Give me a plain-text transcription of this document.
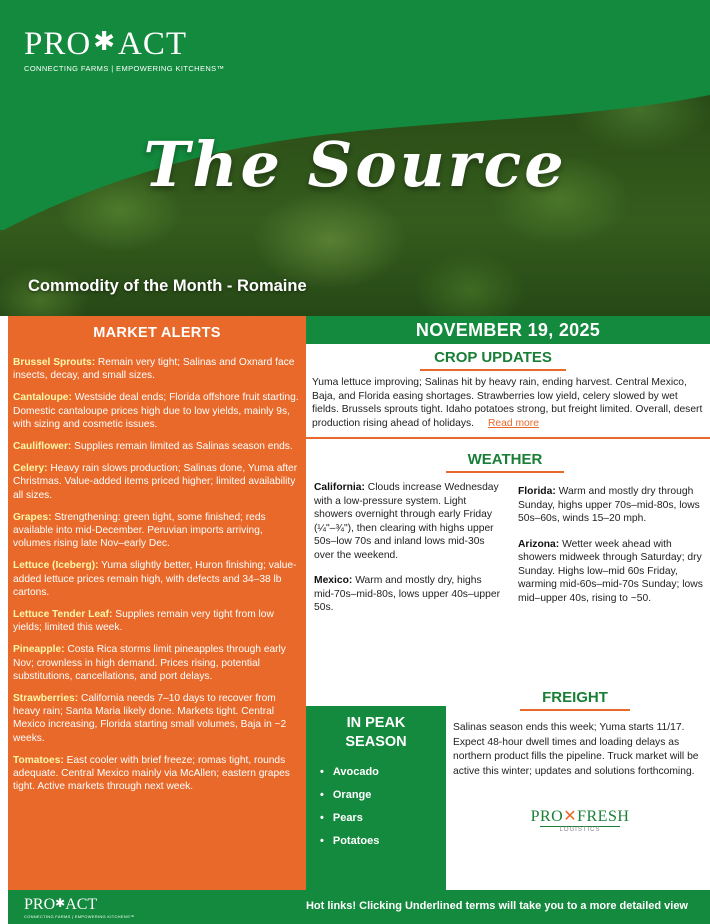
PRO✱ACT
CONNECTING FARMS | EMPOWERING KITCHENS™
The Source
Commodity of the Month - Romaine
MARKET ALERTS
Brussel Sprouts: Remain very tight; Salinas and Oxnard face insects, decay, and small sizes.
Cantaloupe: Westside deal ends; Florida offshore fruit starting. Domestic cantaloupe prices high due to low yields, mainly 9s, with sizing and cosmetic issues.
Cauliflower: Supplies remain limited as Salinas season ends.
Celery: Heavy rain slows production; Salinas done, Yuma after Christmas. Value-added items priced higher; limited availability all sizes.
Grapes: Strengthening: green tight, some finished; reds available into mid-December. Peruvian imports arriving, volumes rising late Nov–early Dec.
Lettuce (Iceberg): Yuma slightly better, Huron finishing; value-added lettuce prices remain high, with defects and 34–38 lb cartons.
Lettuce Tender Leaf: Supplies remain very tight from low yields; limited this week.
Pineapple: Costa Rica storms limit pineapples through early Nov; crownless in high demand. Prices rising, potential substitutions, cancellations, and port delays.
Strawberries: California needs 7–10 days to recover from heavy rain; Santa Maria likely done. Markets tight. Central Mexico increasing, Florida starting small volumes, Baja in ~2 weeks.
Tomatoes: East cooler with brief freeze; romas tight, rounds adequate. Central Mexico mainly via McAllen; eastern grapes tight. Active markets through next week.
NOVEMBER 19, 2025
CROP UPDATES
Yuma lettuce improving; Salinas hit by heavy rain, ending harvest. Central Mexico, Baja, and Florida easing shortages. Strawberries low yield, celery slowed by wet fields. Brussels sprouts tight. Idaho potatoes strong, but freight limited. Overall, desert production rising ahead of holidays. Read more
WEATHER

California: Clouds increase Wednesday with a low-pressure system. Light showers overnight through early Friday (¼"–¾"), then clearing with highs upper 50s–low 70s and inland lows mid-30s over the weekend.

Mexico: Warm and mostly dry, highs mid-70s–mid-80s, lows upper 40s–upper 50s.

Florida: Warm and mostly dry through Sunday, highs upper 70s–mid-80s, lows 50s–60s, winds 15–20 mph.

Arizona: Wetter week ahead with showers midweek through Saturday; dry Sunday. Highs low–mid 60s Friday, warming mid-60s–mid-70s Sunday; lows mid–upper 40s, rising to ~50.

IN PEAK
SEASON
• Avocado
• Orange
• Pears
• Potatoes
FREIGHT
Salinas season ends this week; Yuma starts 11/17. Expect 48-hour dwell times and loading delays as northern product fills the pipeline. Truck market will be active this winter; updates and solutions forthcoming.
PRO✕FRESH
LOGISTICS
PRO✱ACT
CONNECTING FARMS | EMPOWERING KITCHENS™
Hot links! Clicking Underlined terms will take you to a more detailed view
